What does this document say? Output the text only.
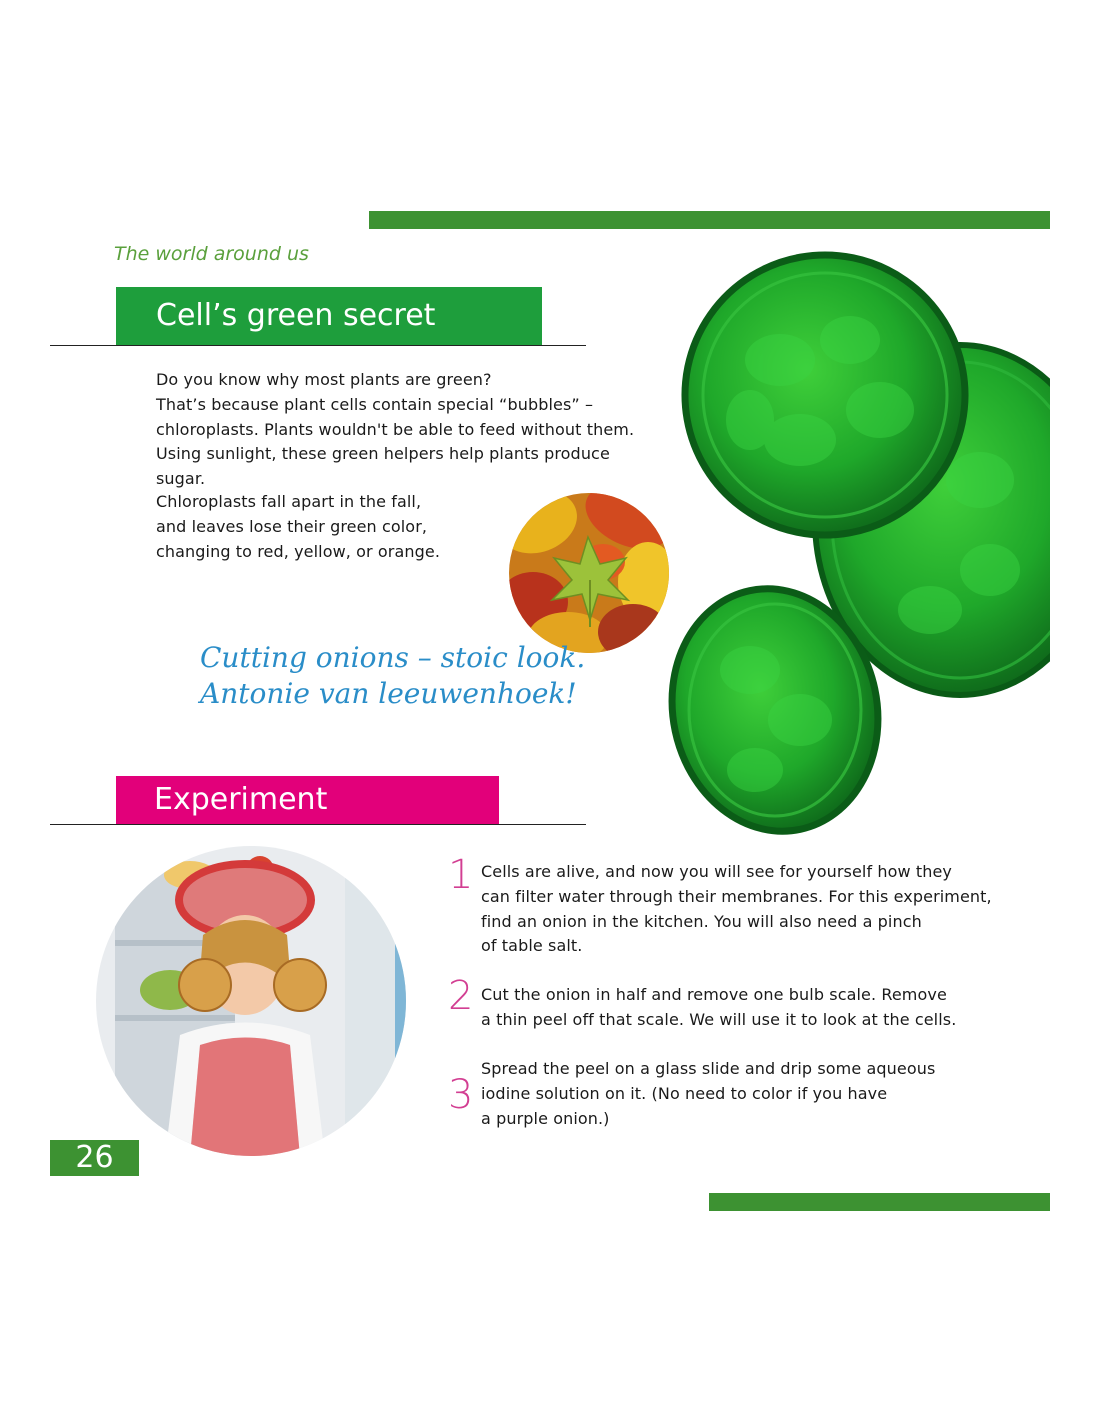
The world around us
Cell’s green secret

Do you know why most plants are green?

That’s because plant cells contain special “bubbles” –

chloroplasts. Plants wouldn't be able to feed without them.

Using sunlight, these green helpers help plants produce sugar.

Chloroplasts fall apart in the fall,

and leaves lose their green color,

changing to red, yellow, or orange.

Cutting onions – stoic look.
Antonie van leeuwenhoek!
Experiment
1 Cells are alive, and now you will see for yourself how they

can filter water through their membranes. For this experiment,

find an onion in the kitchen. You will also need a pinch

of table salt.

2 Cut the onion in half and remove one bulb scale. Remove

a thin peel off that scale. We will use it to look at the cells.

3

Spread the peel on a glass slide and drip some aqueous

iodine solution on it. (No need to color if you have

a purple onion.)

26
